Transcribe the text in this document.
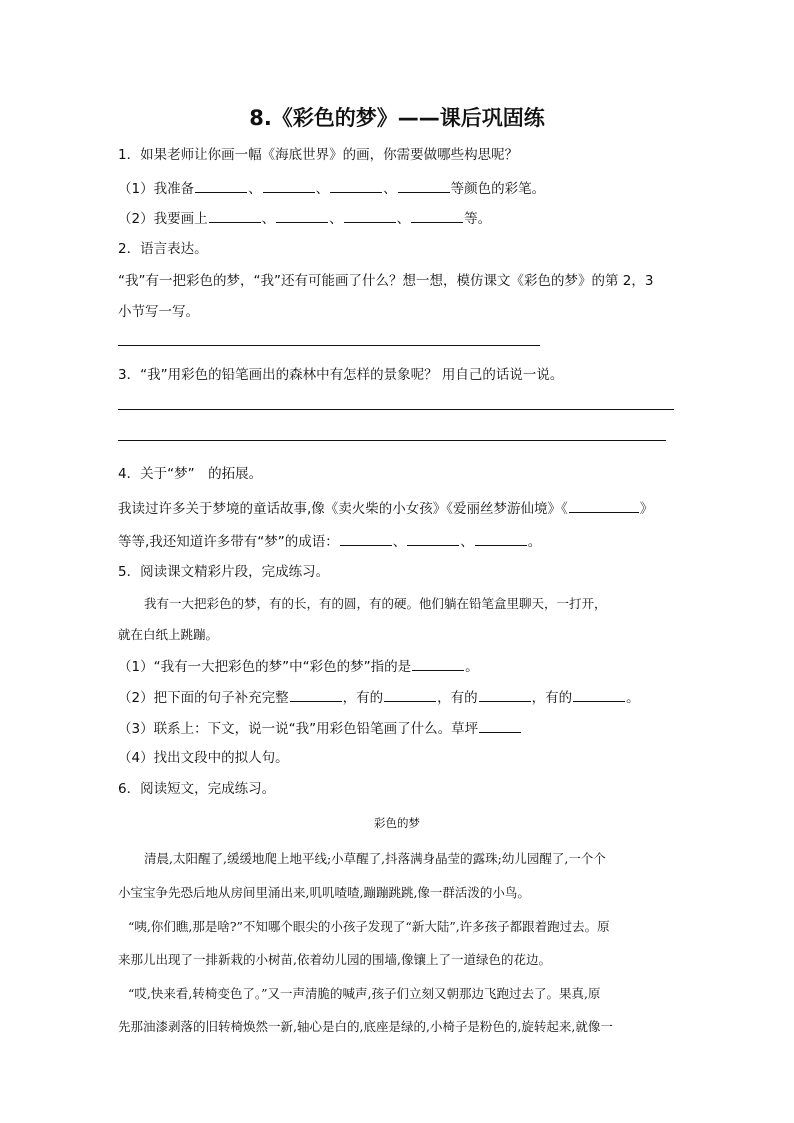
8.《彩色的梦》——课后巩固练
1．如果老师让你画一幅《海底世界》的画，你需要做哪些构思呢？
（1）我准备	、	、	、	等颜色的彩笔。
（2）我要画上	、	、	、	等。
2．语言表达。
“我”有一把彩色的梦，“我”还有可能画了什么？想一想，模仿课文《彩色的梦》的第 2，3
小节写一写。
3．“我”用彩色的铅笔画出的森林中有怎样的景象呢？ 用自己的话说一说。
4．关于“梦”　的拓展。
我读过许多关于梦境的童话故事,像《卖火柴的小女孩》《爱丽丝梦游仙境》《	》
等等,我还知道许多带有“梦”的成语：	、	、	。
5．阅读课文精彩片段，完成练习。
我有一大把彩色的梦，有的长，有的圆，有的硬。他们躺在铅笔盒里聊天，一打开，
就在白纸上跳蹦。
（1）“我有一大把彩色的梦”中“彩色的梦”指的是	。
（2）把下面的句子补充完整	，有的	，有的	，有的	。
（3）联系上：下文，说一说“我”用彩色铅笔画了什么。草坪
（4）找出文段中的拟人句。
6．阅读短文，完成练习。
彩色的梦
清晨,太阳醒了,缓缓地爬上地平线;小草醒了,抖落满身晶莹的露珠;幼儿园醒了,一个个
小宝宝争先恐后地从房间里涌出来,叽叽喳喳,蹦蹦跳跳,像一群活泼的小鸟。
“咦,你们瞧,那是啥?”不知哪个眼尖的小孩子发现了“新大陆”,许多孩子都跟着跑过去。原
来那儿出现了一排新栽的小树苗,依着幼儿园的围墙,像镶上了一道绿色的花边。
“哎,快来看,转椅变色了。”又一声清脆的喊声,孩子们立刻又朝那边飞跑过去了。果真,原
先那油漆剥落的旧转椅焕然一新,轴心是白的,底座是绿的,小椅子是粉色的,旋转起来,就像一
